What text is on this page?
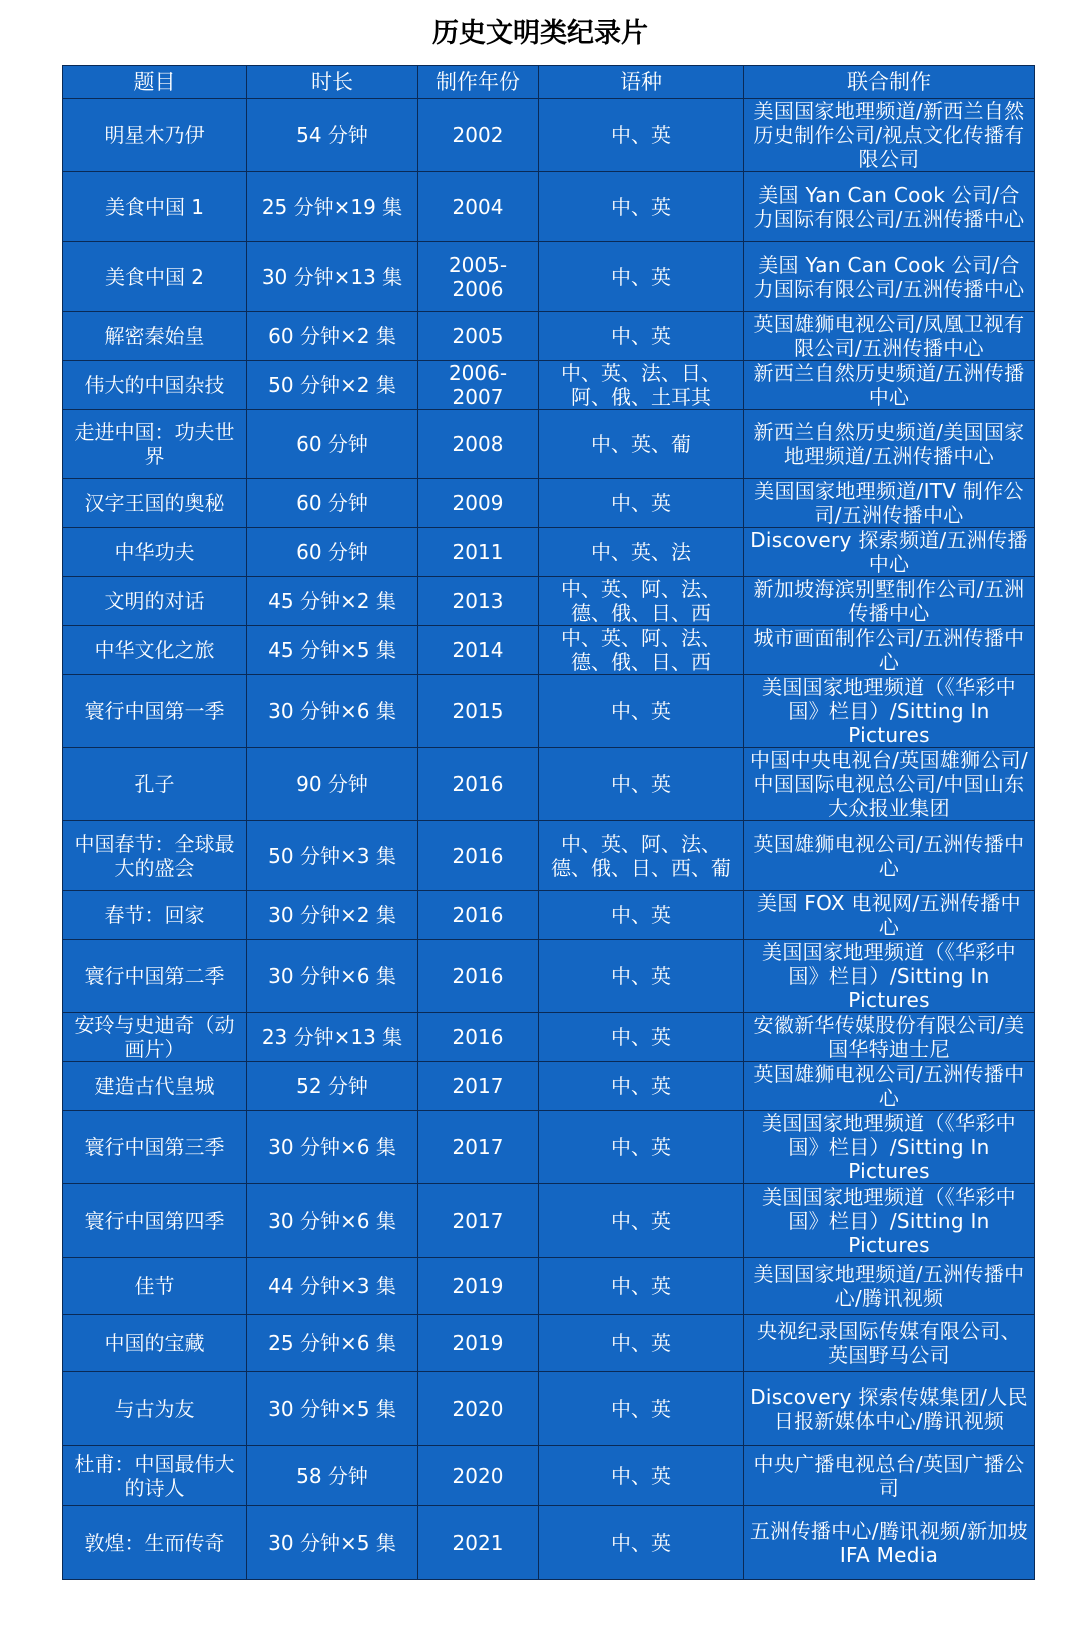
历史文明类纪录片
题目	时长	制作年份	语种	联合制作
明星木乃伊	54 分钟	2002	中、英	美国国家地理频道/新西兰自然历史制作公司/视点文化传播有限公司
美食中国 1	25 分钟×19 集	2004	中、英	美国 Yan Can Cook 公司/合力国际有限公司/五洲传播中心
美食中国 2	30 分钟×13 集	2005-2006	中、英	美国 Yan Can Cook 公司/合力国际有限公司/五洲传播中心
解密秦始皇	60 分钟×2 集	2005	中、英	英国雄狮电视公司/凤凰卫视有限公司/五洲传播中心
伟大的中国杂技	50 分钟×2 集	2006-2007	中、英、法、日、阿、俄、土耳其	新西兰自然历史频道/五洲传播中心
走进中国：功夫世界	60 分钟	2008	中、英、葡	新西兰自然历史频道/美国国家地理频道/五洲传播中心
汉字王国的奥秘	60 分钟	2009	中、英	美国国家地理频道/ITV 制作公司/五洲传播中心
中华功夫	60 分钟	2011	中、英、法	Discovery 探索频道/五洲传播中心
文明的对话	45 分钟×2 集	2013	中、英、阿、法、德、俄、日、西	新加坡海滨别墅制作公司/五洲传播中心
中华文化之旅	45 分钟×5 集	2014	中、英、阿、法、德、俄、日、西	城市画面制作公司/五洲传播中心
寰行中国第一季	30 分钟×6 集	2015	中、英	美国国家地理频道（《华彩中国》栏目）/Sitting In Pictures
孔子	90 分钟	2016	中、英	中国中央电视台/英国雄狮公司/中国国际电视总公司/中国山东大众报业集团
中国春节：全球最大的盛会	50 分钟×3 集	2016	中、英、阿、法、德、俄、日、西、葡	英国雄狮电视公司/五洲传播中心
春节：回家	30 分钟×2 集	2016	中、英	美国 FOX 电视网/五洲传播中心
寰行中国第二季	30 分钟×6 集	2016	中、英	美国国家地理频道（《华彩中国》栏目）/Sitting In Pictures
安玲与史迪奇（动画片）	23 分钟×13 集	2016	中、英	安徽新华传媒股份有限公司/美国华特迪士尼
建造古代皇城	52 分钟	2017	中、英	英国雄狮电视公司/五洲传播中心
寰行中国第三季	30 分钟×6 集	2017	中、英	美国国家地理频道（《华彩中国》栏目）/Sitting In Pictures
寰行中国第四季	30 分钟×6 集	2017	中、英	美国国家地理频道（《华彩中国》栏目）/Sitting In Pictures
佳节	44 分钟×3 集	2019	中、英	美国国家地理频道/五洲传播中心/腾讯视频
中国的宝藏	25 分钟×6 集	2019	中、英	央视纪录国际传媒有限公司、英国野马公司
与古为友	30 分钟×5 集	2020	中、英	Discovery 探索传媒集团/人民日报新媒体中心/腾讯视频
杜甫：中国最伟大的诗人	58 分钟	2020	中、英	中央广播电视总台/英国广播公司
敦煌：生而传奇	30 分钟×5 集	2021	中、英	五洲传播中心/腾讯视频/新加坡 IFA Media
